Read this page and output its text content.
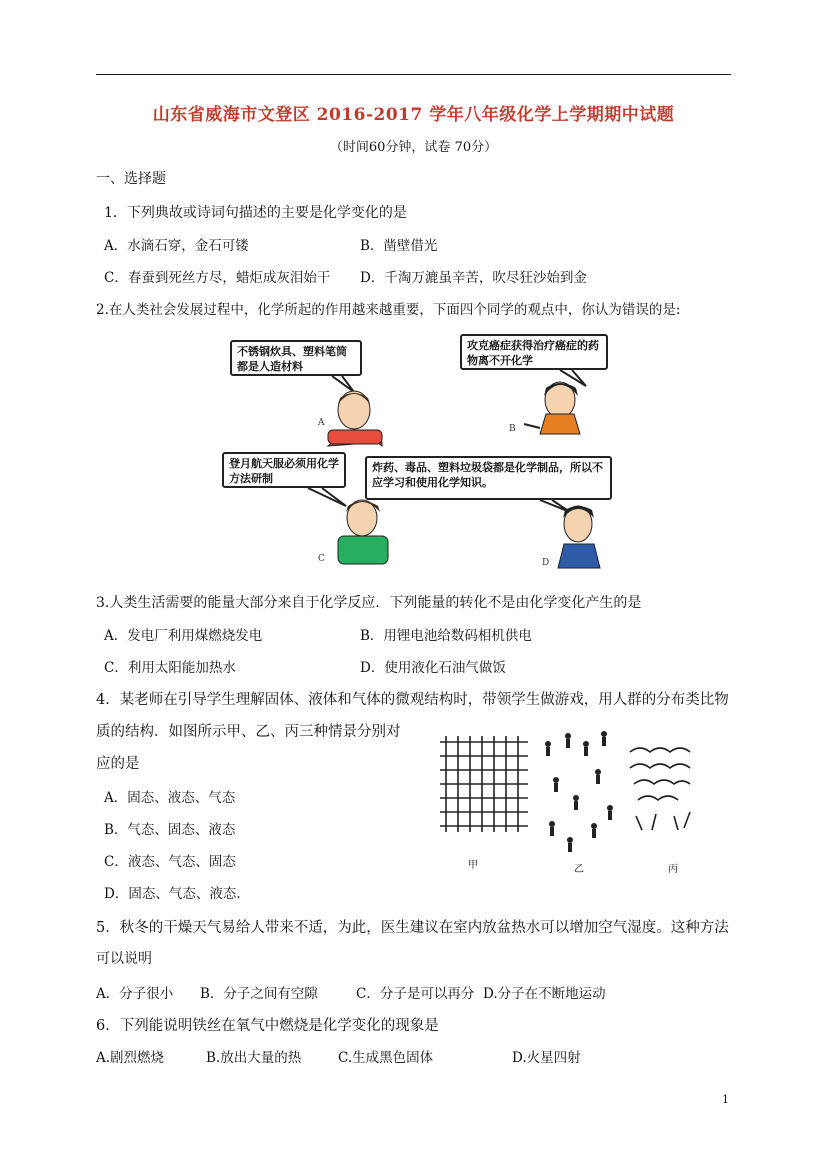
山东省威海市文登区 2016-2017 学年八年级化学上学期期中试题
（时间60分钟，试卷 70分）
一、选择题
1．下列典故或诗词句描述的主要是化学变化的是
A．水滴石穿，金石可镂	B．凿壁借光
C．春蚕到死丝方尽，蜡炬成灰泪始干 D．千淘万漉虽辛苦，吹尽狂沙始到金
2.在人类社会发展过程中，化学所起的作用越来越重要，下面四个同学的观点中，你认为错误的是:
不锈钢炊具、塑料笔筒都是人造材料
攻克癌症获得治疗癌症的药物离不开化学
登月航天服必须用化学方法研制
炸药、毒品、塑料垃圾袋都是化学制品，所以不应学习和使用化学知识。
A
B
C	D
3.人类生活需要的能量大部分来自于化学反应．下列能量的转化不是由化学变化产生的是
A．发电厂利用煤燃烧发电	B．用锂电池给数码相机供电
C．利用太阳能加热水	D．使用液化石油气做饭
4．某老师在引导学生理解固体、液体和气体的微观结构时，带领学生做游戏，用人群的分布类比物
质的结构．如图所示甲、乙、丙三种情景分别对
应的是
A．固态、液态、气态
B．气态、固态、液态
C．液态、气态、固态
D．固态、气态、液态.
甲	乙	丙
5．秋冬的干燥天气易给人带来不适，为此，医生建议在室内放盆热水可以增加空气湿度。这种方法
可以说明
A．分子很小 B．分子之间有空隙	C．分子是可以再分 D.分子在不断地运动
6．下列能说明铁丝在氧气中燃烧是化学变化的现象是
A.剧烈燃烧	B.放出大量的热	C.生成黑色固体	D.火星四射
1
